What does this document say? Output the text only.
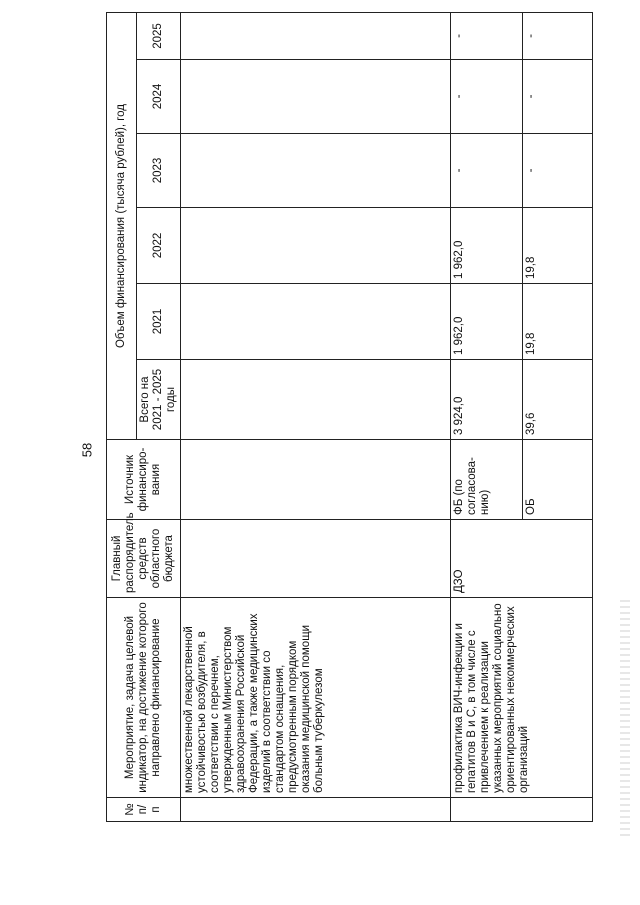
58
№ п/п	Мероприятие, задача целевой индикатор, на достижение которого направлено финансирование	Главный распорядитель средств областного бюджета	Источник финансиро-вания	Объем финансирования (тысяча рублей), год					
				Всего на 2021 - 2025 годы	2021	2022	2023	2024	2025
	множественной лекарственной устойчивостью возбудителя, в соответствии с перечнем, утвержденным Министерством здравоохранения Российской Федерации, а также медицинских изделий в соответствии со стандартом оснащения, предусмотренным порядком оказания медицинской помощи больным туберкулезом								
	профилактика ВИЧ-инфекции и гепатитов В и С, в том числе с привлечением к реализации указанных мероприятий социально ориентированных некоммерческих организаций	ДЗО	ФБ (по согласова-нию)	3 924,0	1 962,0	1 962,0	-	-	-
			ОБ	39,6	19,8	19,8	-	-	-
